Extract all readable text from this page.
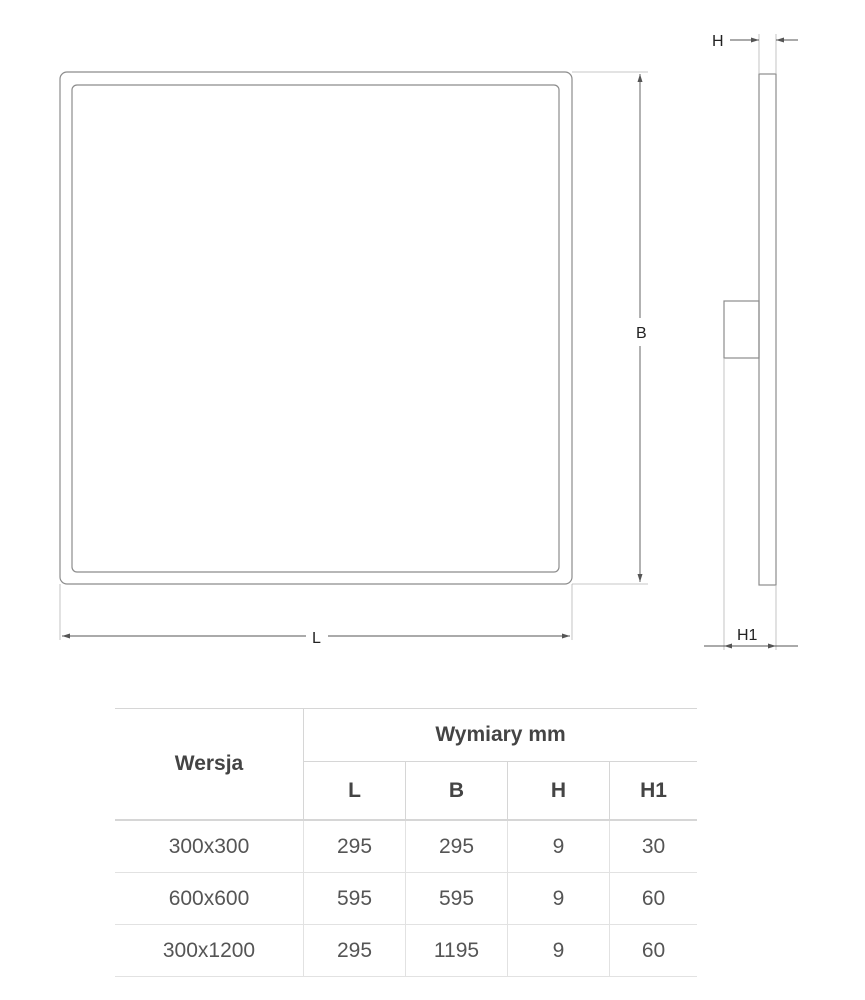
B
L
H
H1
Wersja	Wymiary mm			
	L	B	H	H1
300x300	295	295	9	30
600x600	595	595	9	60
300x1200	295	1195	9	60
